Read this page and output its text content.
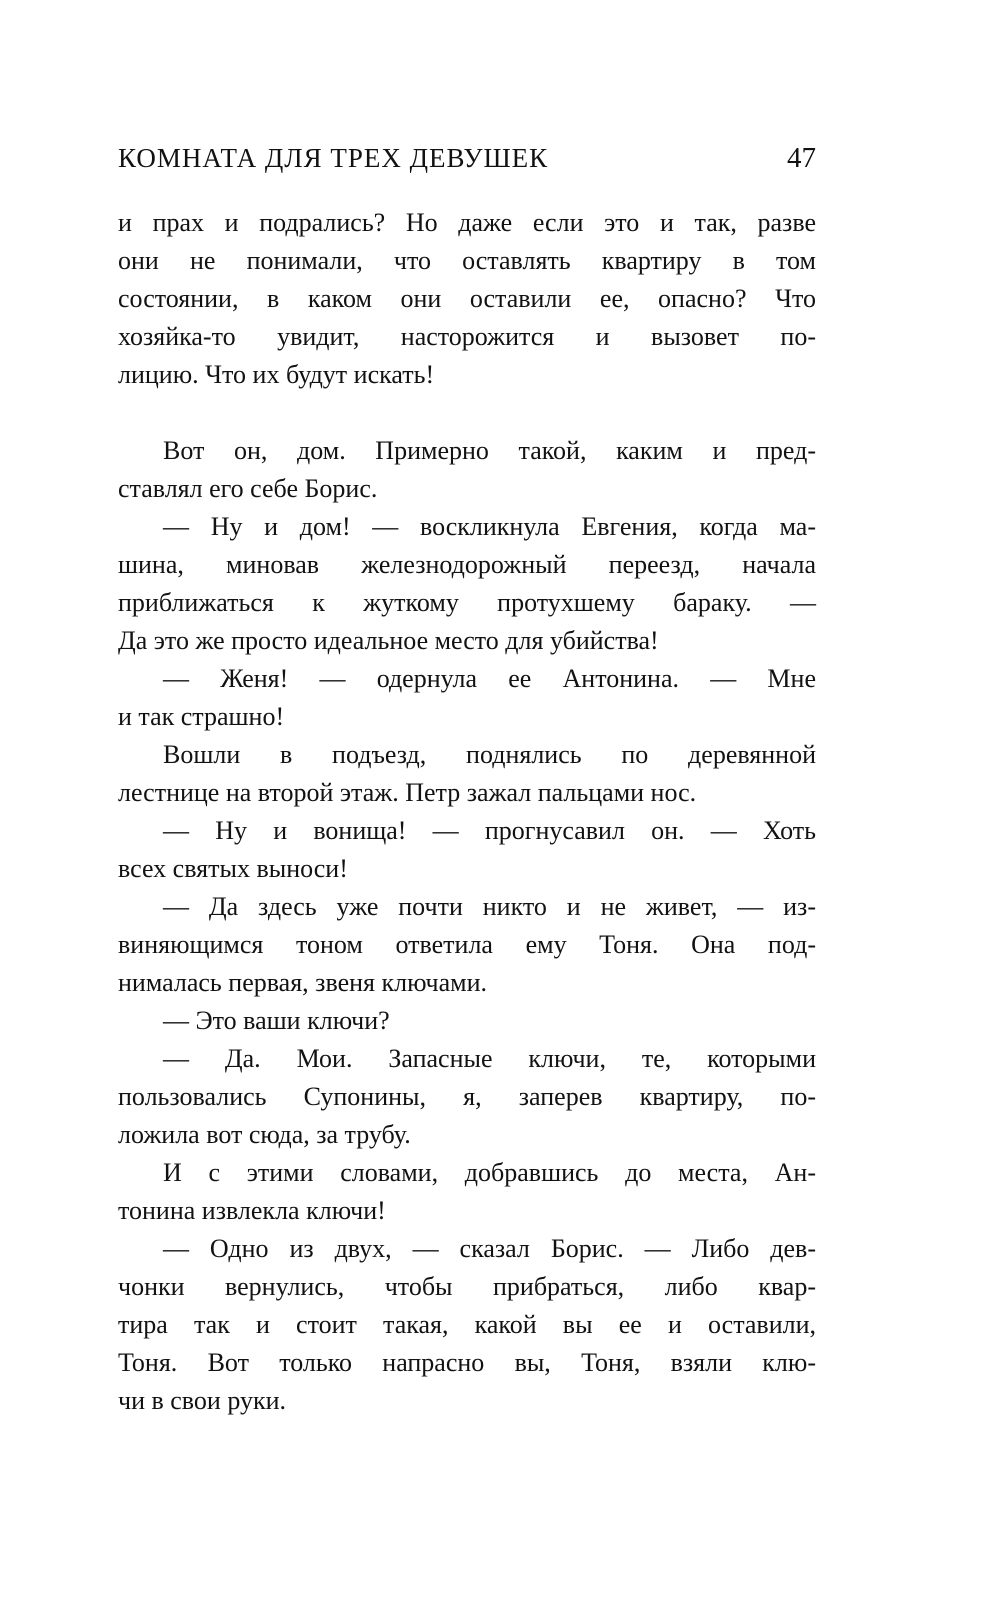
КОМНАТА ДЛЯ ТРЕХ ДЕВУШЕК	47
и прах и подрались? Но даже если это и так, разве
они не понимали, что оставлять квартиру в том
состоянии, в каком они оставили ее, опасно? Что
хозяйка-то увидит, насторожится и вызовет по-
лицию. Что их будут искать!
Вот он, дом. Примерно такой, каким и пред-
ставлял его себе Борис.
— Ну и дом! — воскликнула Евгения, когда ма-
шина, миновав железнодорожный переезд, начала
приближаться к жуткому протухшему бараку. —
Да это же просто идеальное место для убийства!
— Женя! — одернула ее Антонина. — Мне
и так страшно!
Вошли в подъезд, поднялись по деревянной
лестнице на второй этаж. Петр зажал пальцами нос.
— Ну и вонища! — прогнусавил он. — Хоть
всех святых выноси!
— Да здесь уже почти никто и не живет, — из-
виняющимся тоном ответила ему Тоня. Она под-
нималась первая, звеня ключами.
— Это ваши ключи?
— Да. Мои. Запасные ключи, те, которыми
пользовались Супонины, я, заперев квартиру, по-
ложила вот сюда, за трубу.
И с этими словами, добравшись до места, Ан-
тонина извлекла ключи!
— Одно из двух, — сказал Борис. — Либо дев-
чонки вернулись, чтобы прибраться, либо квар-
тира так и стоит такая, какой вы ее и оставили,
Тоня. Вот только напрасно вы, Тоня, взяли клю-
чи в свои руки.
